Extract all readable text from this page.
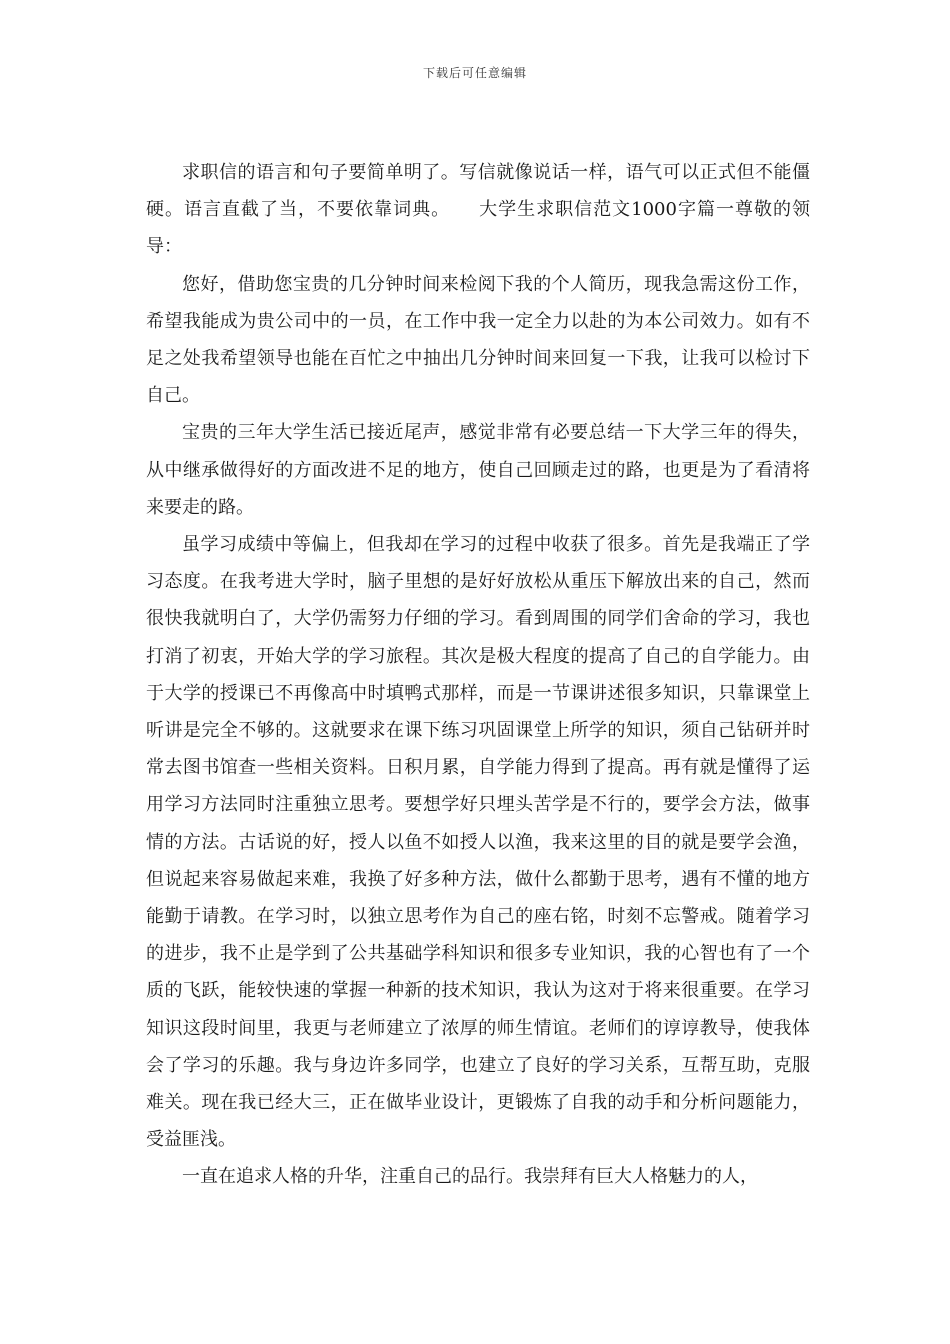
下载后可任意编辑

求职信的语言和句子要简单明了。写信就像说话一样，语气可以正式但不能僵硬。语言直截了当，不要依靠词典。　　大学生求职信范文1000字篇一尊敬的领导：

您好，借助您宝贵的几分钟时间来检阅下我的个人简历，现我急需这份工作，希望我能成为贵公司中的一员，在工作中我一定全力以赴的为本公司效力。如有不足之处我希望领导也能在百忙之中抽出几分钟时间来回复一下我，让我可以检讨下自己。

宝贵的三年大学生活已接近尾声，感觉非常有必要总结一下大学三年的得失，从中继承做得好的方面改进不足的地方，使自己回顾走过的路，也更是为了看清将来要走的路。

虽学习成绩中等偏上，但我却在学习的过程中收获了很多。首先是我端正了学习态度。在我考进大学时，脑子里想的是好好放松从重压下解放出来的自己，然而很快我就明白了，大学仍需努力仔细的学习。看到周围的同学们舍命的学习，我也打消了初衷，开始大学的学习旅程。其次是极大程度的提高了自己的自学能力。由于大学的授课已不再像高中时填鸭式那样，而是一节课讲述很多知识，只靠课堂上听讲是完全不够的。这就要求在课下练习巩固课堂上所学的知识，须自己钻研并时常去图书馆查一些相关资料。日积月累，自学能力得到了提高。再有就是懂得了运用学习方法同时注重独立思考。要想学好只埋头苦学是不行的，要学会方法，做事情的方法。古话说的好，授人以鱼不如授人以渔，我来这里的目的就是要学会渔，但说起来容易做起来难，我换了好多种方法，做什么都勤于思考，遇有不懂的地方能勤于请教。在学习时，以独立思考作为自己的座右铭，时刻不忘警戒。随着学习的进步，我不止是学到了公共基础学科知识和很多专业知识，我的心智也有了一个质的飞跃，能较快速的掌握一种新的技术知识，我认为这对于将来很重要。在学习知识这段时间里，我更与老师建立了浓厚的师生情谊。老师们的谆谆教导，使我体会了学习的乐趣。我与身边许多同学，也建立了良好的学习关系，互帮互助，克服难关。现在我已经大三，正在做毕业设计，更锻炼了自我的动手和分析问题能力，受益匪浅。

一直在追求人格的升华，注重自己的品行。我崇拜有巨大人格魅力的人，
